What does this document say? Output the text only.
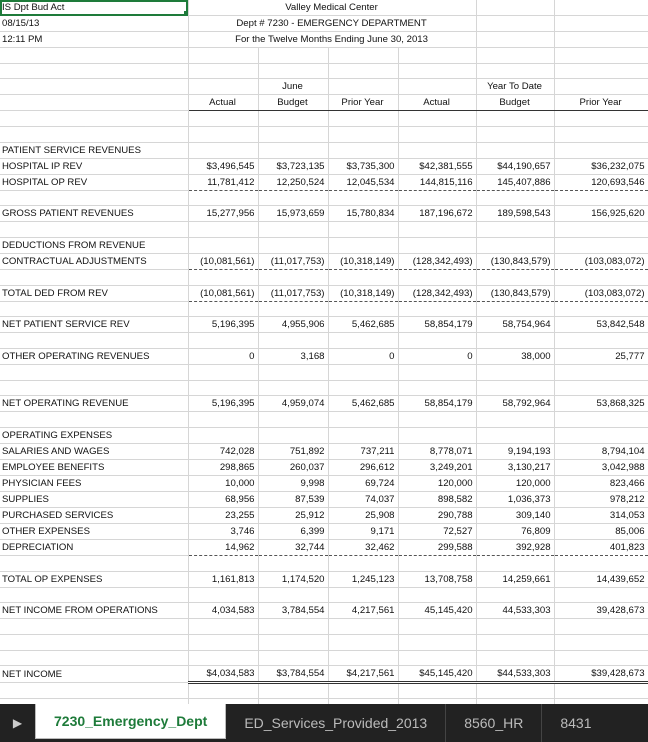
IS Dpt Bud Act	Valley Medical Center					
08/15/13	Dept # 7230 - EMERGENCY DEPARTMENT					
12:11 PM	For the Twelve Months Ending June 30, 2013					

		June			Year To Date	
	Actual	Budget	Prior Year	Actual	Budget	Prior Year

PATIENT SERVICE REVENUES						
HOSPITAL IP REV	$3,496,545	$3,723,135	$3,735,300	$42,381,555	$44,190,657	$36,232,075
HOSPITAL OP REV	11,781,412	12,250,524	12,045,534	144,815,116	145,407,886	120,693,546

GROSS PATIENT REVENUES	15,277,956	15,973,659	15,780,834	187,196,672	189,598,543	156,925,620

DEDUCTIONS FROM REVENUE						
CONTRACTUAL ADJUSTMENTS	(10,081,561)	(11,017,753)	(10,318,149)	(128,342,493)	(130,843,579)	(103,083,072)

TOTAL DED FROM REV	(10,081,561)	(11,017,753)	(10,318,149)	(128,342,493)	(130,843,579)	(103,083,072)

NET PATIENT SERVICE REV	5,196,395	4,955,906	5,462,685	58,854,179	58,754,964	53,842,548

OTHER OPERATING REVENUES	0	3,168	0	0	38,000	25,777

NET OPERATING REVENUE	5,196,395	4,959,074	5,462,685	58,854,179	58,792,964	53,868,325

OPERATING EXPENSES						
SALARIES AND WAGES	742,028	751,892	737,211	8,778,071	9,194,193	8,794,104
EMPLOYEE BENEFITS	298,865	260,037	296,612	3,249,201	3,130,217	3,042,988
PHYSICIAN FEES	10,000	9,998	69,724	120,000	120,000	823,466
SUPPLIES	68,956	87,539	74,037	898,582	1,036,373	978,212
PURCHASED SERVICES	23,255	25,912	25,908	290,788	309,140	314,053
OTHER EXPENSES	3,746	6,399	9,171	72,527	76,809	85,006
DEPRECIATION	14,962	32,744	32,462	299,588	392,928	401,823

TOTAL OP EXPENSES	1,161,813	1,174,520	1,245,123	13,708,758	14,259,661	14,439,652

NET INCOME FROM OPERATIONS	4,034,583	3,784,554	4,217,561	45,145,420	44,533,303	39,428,673

NET INCOME	$4,034,583	$3,784,554	$4,217,561	$45,145,420	$44,533,303	$39,428,673

▶	7230_Emergency_Dept	ED_Services_Provided_2013	8560_HR	8431
